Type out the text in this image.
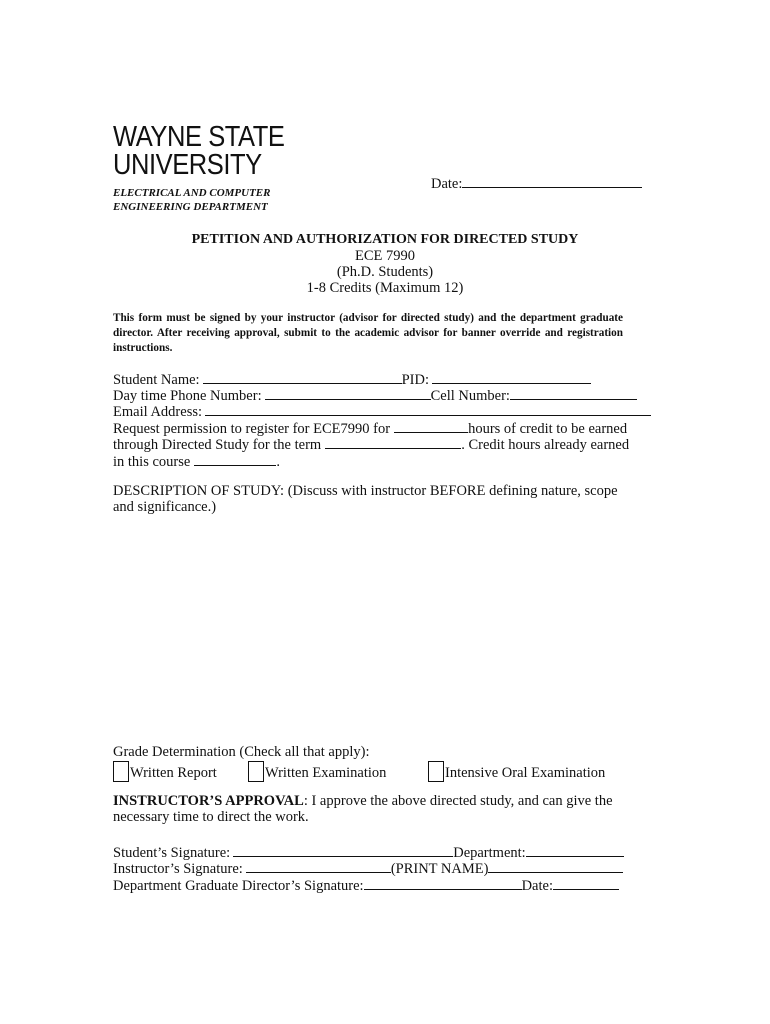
WAYNE STATE
UNIVERSITY
ELECTRICAL AND COMPUTER
ENGINEERING DEPARTMENT
Date:
PETITION AND AUTHORIZATION FOR DIRECTED STUDY
ECE 7990
(Ph.D. Students)
1-8 Credits (Maximum 12)
This form must be signed by your instructor (advisor for directed study) and the department graduate director. After receiving approval, submit to the academic advisor for banner override and registration instructions.
Student Name:	PID:
Day time Phone Number:	Cell Number:
Email Address:
Request permission to register for ECE7990 for	hours of credit to be earned
through Directed Study for the term	. Credit hours already earned
in this course	.
DESCRIPTION OF STUDY: (Discuss with instructor BEFORE defining nature, scope
and significance.)
Grade Determination (Check all that apply):
Written Report	Written Examination	Intensive Oral Examination
INSTRUCTOR’S APPROVAL: I approve the above directed study, and can give the
necessary time to direct the work.
Student’s Signature:	Department:
Instructor’s Signature:	(PRINT NAME)
Department Graduate Director’s Signature:	Date:
